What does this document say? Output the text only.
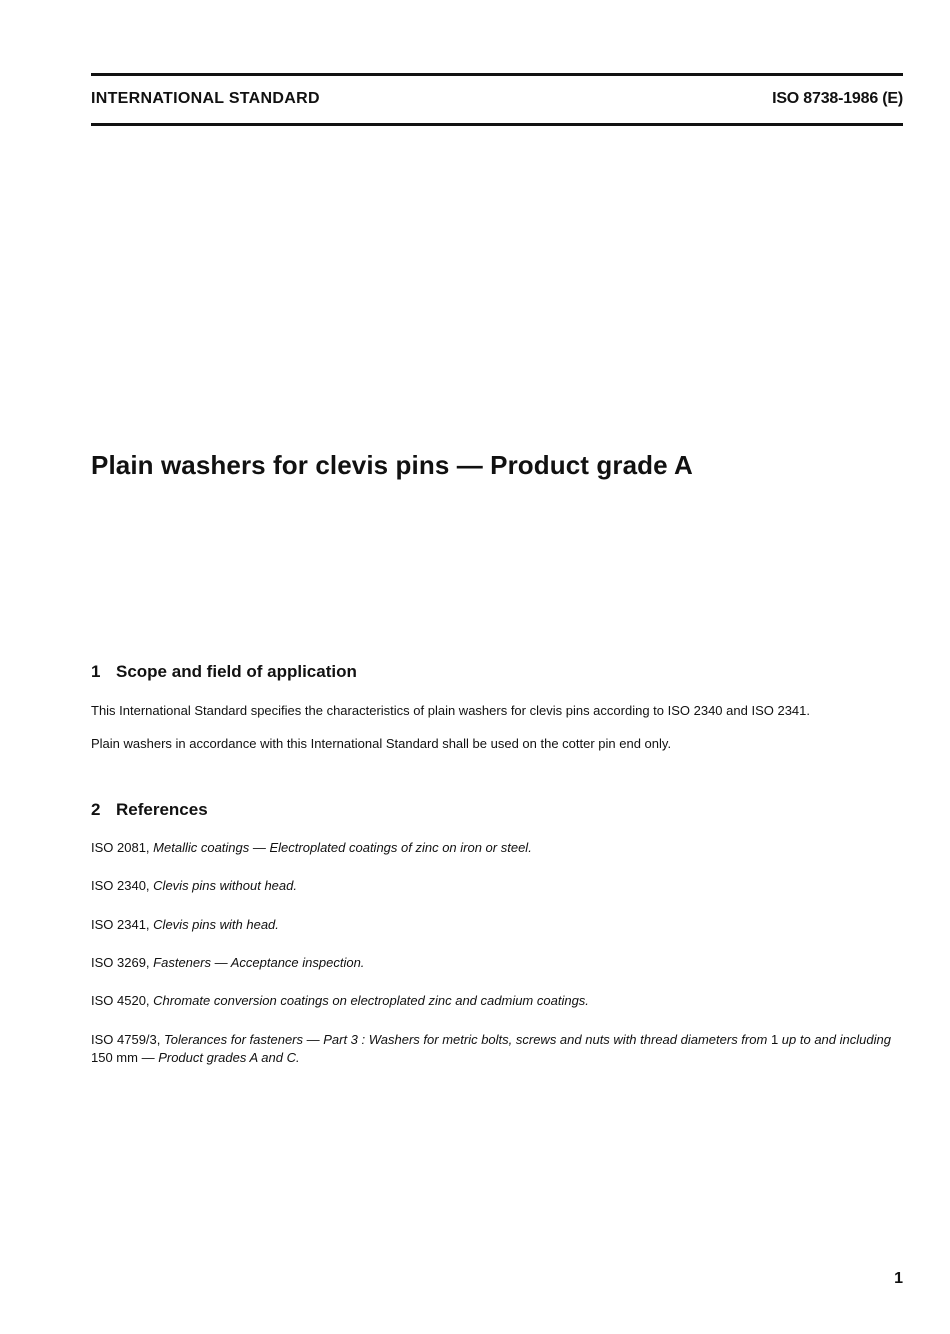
INTERNATIONAL STANDARD	ISO 8738-1986 (E)
Plain washers for clevis pins — Product grade A
1 Scope and field of application

This International Standard specifies the characteristics of plain washers for clevis pins according to ISO 2340 and ISO 2341.

Plain washers in accordance with this International Standard shall be used on the cotter pin end only.

2 References

ISO 2081, Metallic coatings — Electroplated coatings of zinc on iron or steel.

ISO 2340, Clevis pins without head.

ISO 2341, Clevis pins with head.

ISO 3269, Fasteners — Acceptance inspection.

ISO 4520, Chromate conversion coatings on electroplated zinc and cadmium coatings.

ISO 4759/3, Tolerances for fasteners — Part 3 : Washers for metric bolts, screws and nuts with thread diameters from 1 up to and including 150 mm — Product grades A and C.

1
